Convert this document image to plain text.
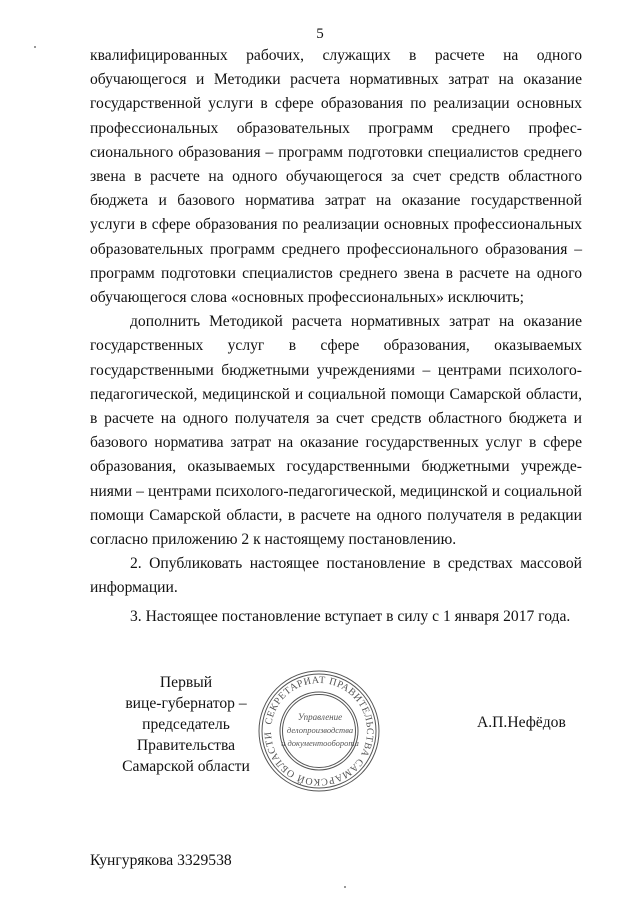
5

квалифицированных рабочих, служащих в расчете на одного обучающегося и Методики расчета нормативных затрат на оказание государственной услуги в сфере образования по реализации основных профессиональных образовательных программ среднего профес-сионального образования – программ подготовки специалистов среднего звена в расчете на одного обучающегося за счет средств областного бюджета и базового норматива затрат на оказание государственной услуги в сфере образования по реализации основных профессиональных образовательных программ среднего профессионального образования – программ подготовки специалистов среднего звена в расчете на одного обучающегося слова «основных профессиональных» исключить;

дополнить Методикой расчета нормативных затрат на оказание государственных услуг в сфере образования, оказываемых государственными бюджетными учреждениями – центрами психолого-педагогической, медицинской и социальной помощи Самарской области, в расчете на одного получателя за счет средств областного бюджета и базового норматива затрат на оказание государственных услуг в сфере образования, оказываемых государственными бюджетными учрежде-ниями – центрами психолого-педагогической, медицинской и социальной помощи Самарской области, в расчете на одного получателя в редакции согласно приложению 2 к настоящему постановлению.

2. Опубликовать настоящее постановление в средствах массовой информации.

3. Настоящее постановление вступает в силу с 1 января 2017 года.

Первый
вице-губернатор –
председатель Правительства
Самарской области
СЕКРЕТАРИАТ ПРАВИТЕЛЬСТВА САМАРСКОЙ ОБЛАСТИ
Управление
делопроизводства
и документооборота
А.П.Нефёдов
Кунгурякова 3329538
